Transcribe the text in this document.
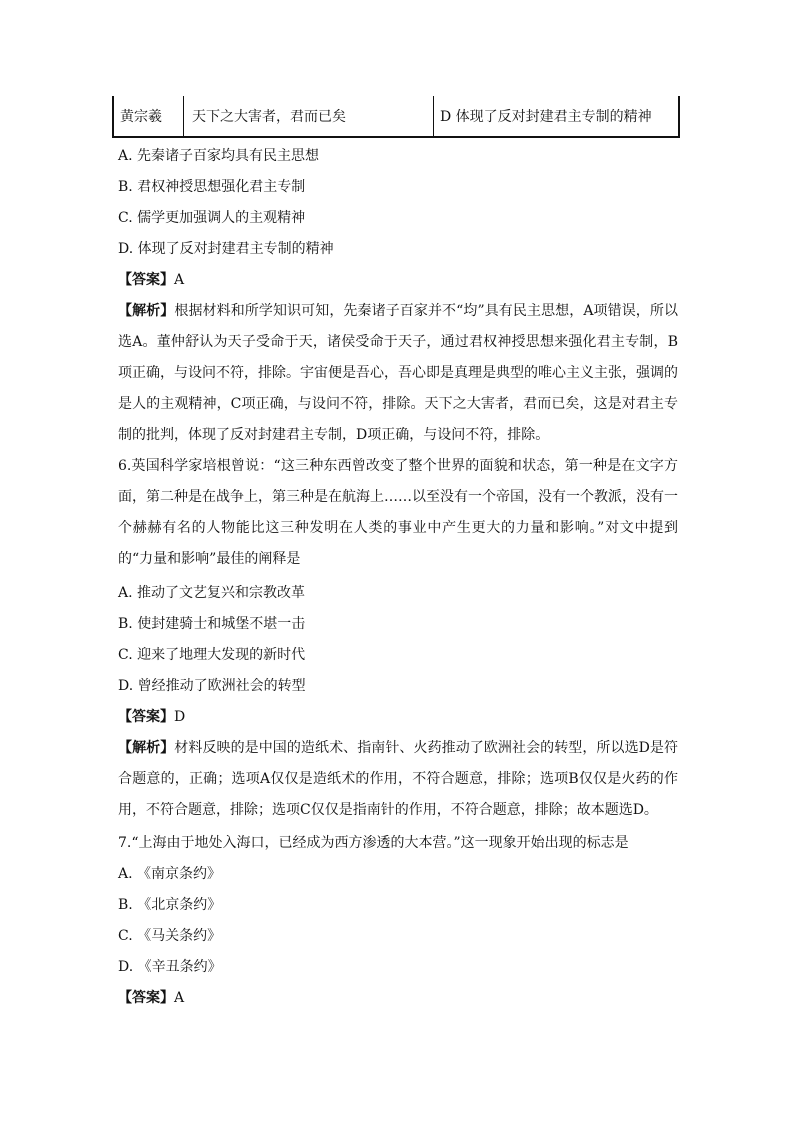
黄宗羲	天下之大害者，君而已矣	D 体现了反对封建君主专制的精神
A. 先秦诸子百家均具有民主思想
B. 君权神授思想强化君主专制
C. 儒学更加强调人的主观精神
D. 体现了反对封建君主专制的精神
【答案】A
【解析】根据材料和所学知识可知，先秦诸子百家并不“均”具有民主思想，A项错误，所以选A。董仲舒认为天子受命于天，诸侯受命于天子，通过君权神授思想来强化君主专制，B项正确，与设问不符，排除。宇宙便是吾心，吾心即是真理是典型的唯心主义主张，强调的是人的主观精神，C项正确，与设问不符，排除。天下之大害者，君而已矣，这是对君主专制的批判，体现了反对封建君主专制，D项正确，与设问不符，排除。
6.英国科学家培根曾说：“这三种东西曾改变了整个世界的面貌和状态，第一种是在文字方面，第二种是在战争上，第三种是在航海上……以至没有一个帝国，没有一个教派，没有一个赫赫有名的人物能比这三种发明在人类的事业中产生更大的力量和影响。”对文中提到的“力量和影响”最佳的阐释是
A. 推动了文艺复兴和宗教改革
B. 使封建骑士和城堡不堪一击
C. 迎来了地理大发现的新时代
D. 曾经推动了欧洲社会的转型
【答案】D
【解析】材料反映的是中国的造纸术、指南针、火药推动了欧洲社会的转型，所以选D是符合题意的，正确；选项A仅仅是造纸术的作用，不符合题意，排除；选项B仅仅是火药的作用，不符合题意，排除；选项C仅仅是指南针的作用，不符合题意，排除；故本题选D。
7.“上海由于地处入海口，已经成为西方渗透的大本营。”这一现象开始出现的标志是
A. 《南京条约》
B. 《北京条约》
C. 《马关条约》
D. 《辛丑条约》
【答案】A
